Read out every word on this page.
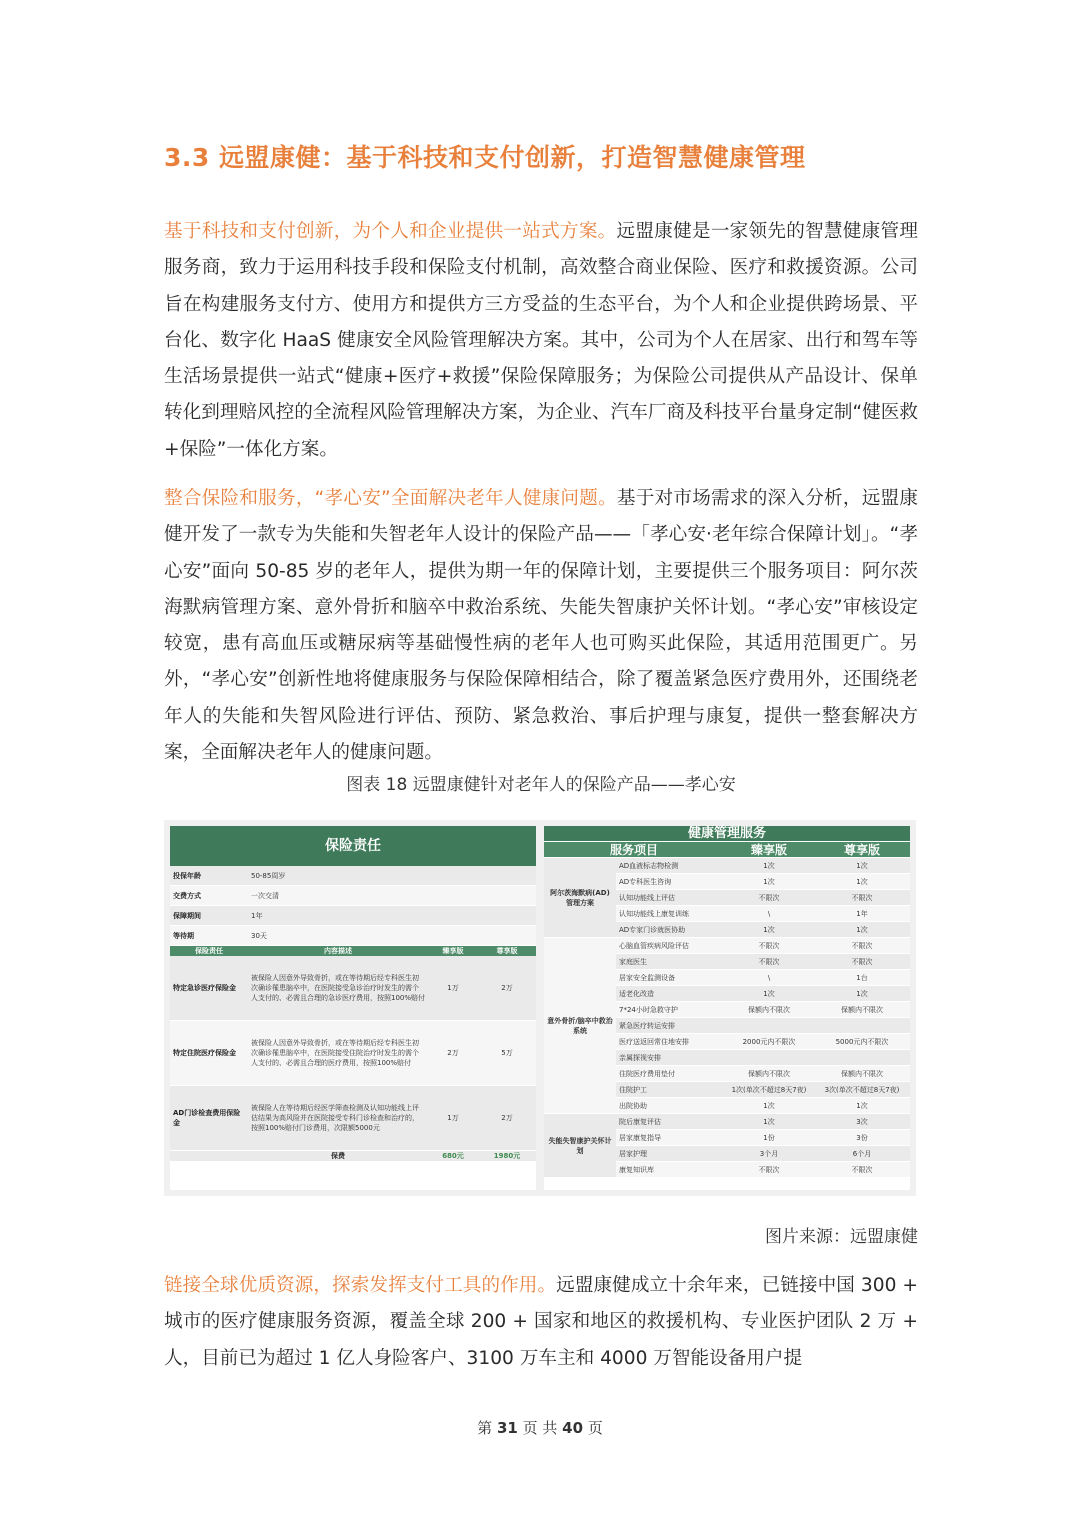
3.3 远盟康健：基于科技和支付创新，打造智慧健康管理

基于科技和支付创新，为个人和企业提供一站式方案。远盟康健是一家领先的智慧健康管理服务商，致力于运用科技手段和保险支付机制，高效整合商业保险、医疗和救援资源。公司旨在构建服务支付方、使用方和提供方三方受益的生态平台，为个人和企业提供跨场景、平台化、数字化 HaaS 健康安全风险管理解决方案。其中，公司为个人在居家、出行和驾车等生活场景提供一站式“健康+医疗+救援”保险保障服务；为保险公司提供从产品设计、保单转化到理赔风控的全流程风险管理解决方案，为企业、汽车厂商及科技平台量身定制“健医救+保险”一体化方案。

整合保险和服务，“孝心安”全面解决老年人健康问题。基于对市场需求的深入分析，远盟康健开发了一款专为失能和失智老年人设计的保险产品——「孝心安·老年综合保障计划」。“孝心安”面向 50-85 岁的老年人，提供为期一年的保障计划，主要提供三个服务项目：阿尔茨海默病管理方案、意外骨折和脑卒中救治系统、失能失智康护关怀计划。“孝心安”审核设定较宽，患有高血压或糖尿病等基础慢性病的老年人也可购买此保险，其适用范围更广。另外，“孝心安”创新性地将健康服务与保险保障相结合，除了覆盖紧急医疗费用外，还围绕老年人的失能和失智风险进行评估、预防、紧急救治、事后护理与康复，提供一整套解决方案，全面解决老年人的健康问题。

图表 18 远盟康健针对老年人的保险产品——孝心安
保险责任			
投保年龄	50-85周岁		
交费方式	一次交清		
保障期间	1年		
等待期	30天		
保险责任	内容描述	臻享版	尊享版
特定急诊医疗保险金	被保险人因意外导致骨折，或在等待期后经专科医生初次确诊罹患脑卒中，在医院接受急诊治疗时发生的需个人支付的、必需且合理的急诊医疗费用，按照100%赔付	1万	2万
特定住院医疗保险金	被保险人因意外导致骨折，或在等待期后经专科医生初次确诊罹患脑卒中，在医院接受住院治疗时发生的需个人支付的、必需且合理的医疗费用，按照100%赔付	2万	5万
AD门诊检查费用保险金	被保险人在等待期后经医学筛查检测及认知功能线上评估结果为高风险并在医院接受专科门诊检查和治疗的，按照100%赔付门诊费用，次限额5000元	1万	2万
	保费	680元	1980元
健康管理服务			
服务项目		臻享版	尊享版
阿尔茨海默病(AD)管理方案	AD血液标志物检测	1次	1次
	AD专科医生咨询	1次	1次
	认知功能线上评估	不限次	不限次
	认知功能线上康复训练	\	1年
	AD专家门诊就医协助	1次	1次
意外骨折/脑卒中救治系统	心脑血管疾病风险评估	不限次	不限次
	家庭医生	不限次	不限次
	居家安全监测设备	\	1台
	适老化改造	1次	1次
	7*24小时急救守护	保额内不限次	保额内不限次
	紧急医疗转运安排		
	医疗送返回常住地安排	2000元内不限次	5000元内不限次
	亲属探视安排		
	住院医疗费用垫付	保额内不限次	保额内不限次
	住院护工	1次(单次不超过8天7夜)	3次(单次不超过8天7夜)
	出院协助	1次	1次
失能失智康护关怀计划	院后康复评估	1次	3次
	居家康复指导	1份	3份
	居家护理	3个月	6个月
	康复知识库	不限次	不限次
图片来源：远盟康健

链接全球优质资源，探索发挥支付工具的作用。远盟康健成立十余年来，已链接中国 300 + 城市的医疗健康服务资源，覆盖全球 200 + 国家和地区的救援机构、专业医护团队 2 万 + 人，目前已为超过 1 亿人身险客户、3100 万车主和 4000 万智能设备用户提

第 31 页 共 40 页
